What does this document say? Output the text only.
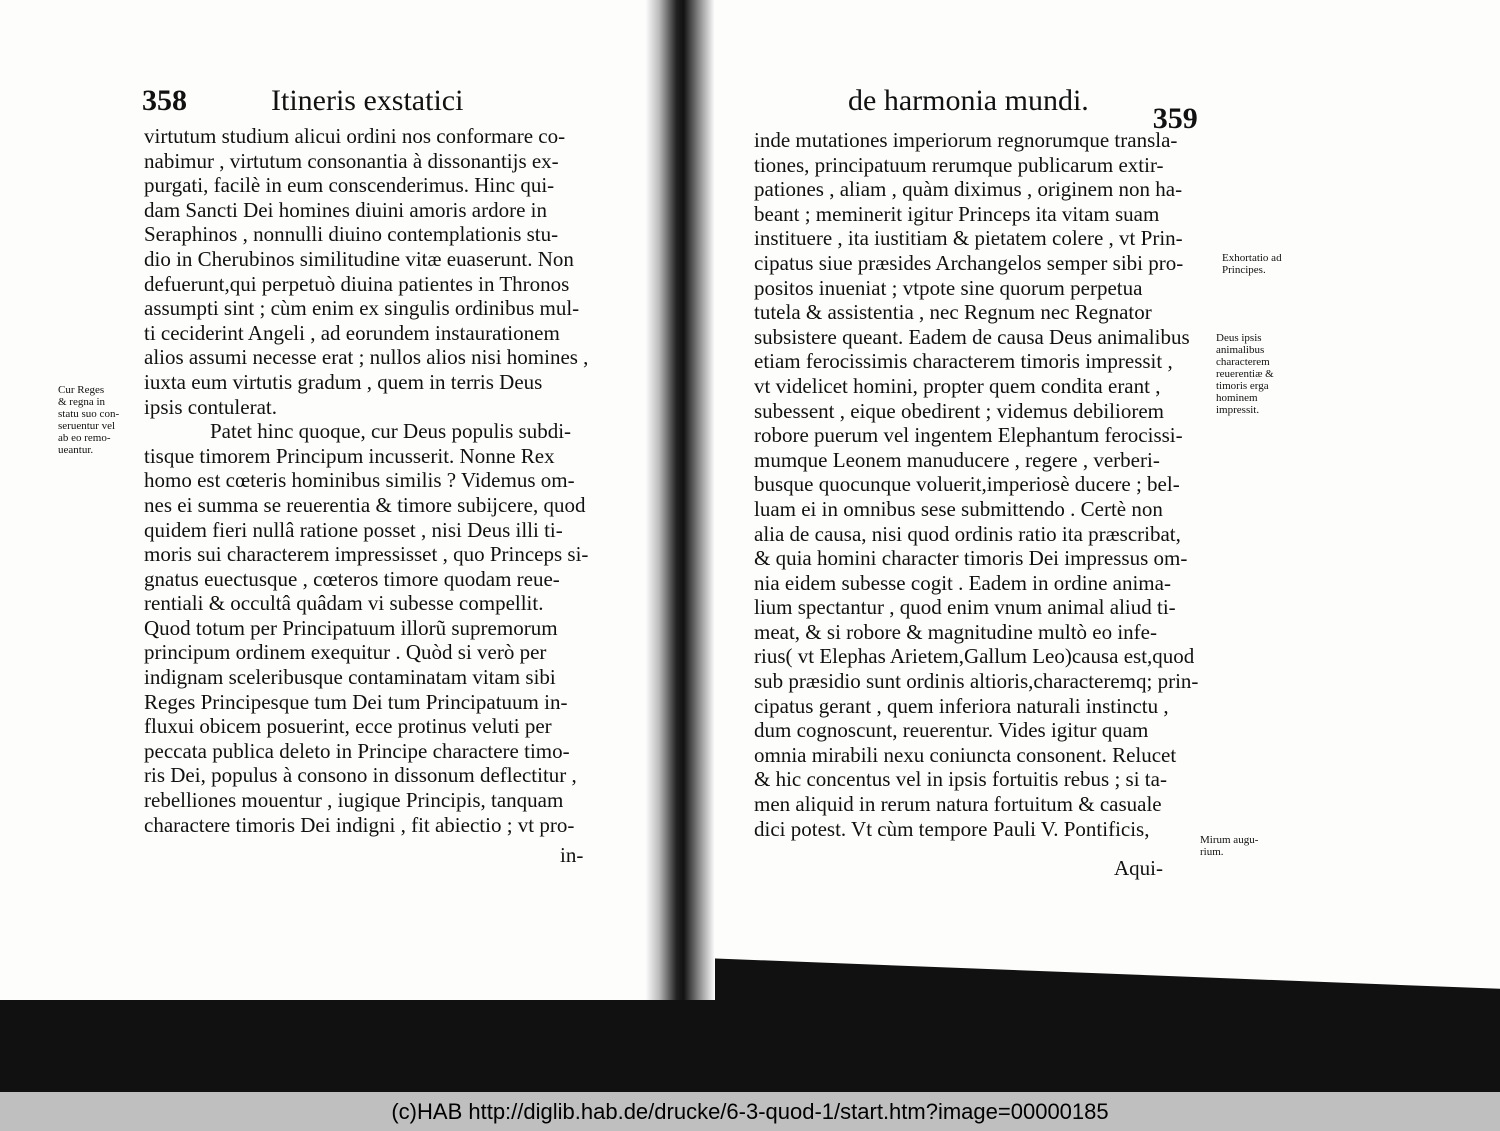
358	Itineris exstatici	de harmonia mundi. 359
virtutum studium alicui ordini nos conformare co-
nabimur , virtutum consonantia à dissonantijs ex-
purgati, facilè in eum conscenderimus. Hinc qui-
dam Sancti Dei homines diuini amoris ardore in
Seraphinos , nonnulli diuino contemplationis stu-
dio in Cherubinos similitudine vitæ euaserunt. Non
defuerunt,qui perpetuò diuina patientes in Thronos
assumpti sint ; cùm enim ex singulis ordinibus mul-
ti ceciderint Angeli , ad eorundem instaurationem
alios assumi necesse erat ; nullos alios nisi homines ,
iuxta eum virtutis gradum , quem in terris Deus
ipsis contulerat.
Patet hinc quoque, cur Deus populis subdi-
tisque timorem Principum incusserit. Nonne Rex
homo est cœteris hominibus similis ? Videmus om-
nes ei summa se reuerentia & timore subijcere, quod
quidem fieri nullâ ratione posset , nisi Deus illi ti-
moris sui characterem impressisset , quo Princeps si-
gnatus euectusque , cœteros timore quodam reue-
rentiali & occultâ quâdam vi subesse compellit.
Quod totum per Principatuum illorũ supremorum
principum ordinem exequitur . Quòd si verò per
indignam sceleribusque contaminatam vitam sibi
Reges Principesque tum Dei tum Principatuum in-
fluxui obicem posuerint, ecce protinus veluti per
peccata publica deleto in Principe charactere timo-
ris Dei, populus à consono in dissonum deflectitur ,
rebelliones mouentur , iugique Principis, tanquam
charactere timoris Dei indigni , fit abiectio ; vt pro-
in-
Cur Reges
& regna in
statu suo con-
seruentur vel
ab eo remo-
ueantur.
inde mutationes imperiorum regnorumque transla-
tiones, principatuum rerumque publicarum extir-
pationes , aliam , quàm diximus , originem non ha-
beant ; meminerit igitur Princeps ita vitam suam
instituere , ita iustitiam & pietatem colere , vt Prin-
cipatus siue præsides Archangelos semper sibi pro-
positos inueniat ; vtpote sine quorum perpetua
tutela & assistentia , nec Regnum nec Regnator
subsistere queant. Eadem de causa Deus animalibus
etiam ferocissimis characterem timoris impressit ,
vt videlicet homini, propter quem condita erant ,
subessent , eique obedirent ; videmus debiliorem
robore puerum vel ingentem Elephantum ferocissi-
mumque Leonem manuducere , regere , verberi-
busque quocunque voluerit,imperiosè ducere ; bel-
luam ei in omnibus sese submittendo . Certè non
alia de causa, nisi quod ordinis ratio ita præscribat,
& quia homini character timoris Dei impressus om-
nia eidem subesse cogit . Eadem in ordine anima-
lium spectantur , quod enim vnum animal aliud ti-
meat, & si robore & magnitudine multò eo infe-
rius( vt Elephas Arietem,Gallum Leo)causa est,quod
sub præsidio sunt ordinis altioris,characteremq; prin-
cipatus gerant , quem inferiora naturali instinctu ,
dum cognoscunt, reuerentur. Vides igitur quam
omnia mirabili nexu coniuncta consonent. Relucet
& hic concentus vel in ipsis fortuitis rebus ; si ta-
men aliquid in rerum natura fortuitum & casuale
dici potest. Vt cùm tempore Pauli V. Pontificis,
Aqui-
Exhortatio ad
Principes.
Deus ipsis
animalibus
characterem
reuerentiæ &
timoris erga
hominem
impressit.
Mirum augu-
rium.
(c)HAB http://diglib.hab.de/drucke/6-3-quod-1/start.htm?image=00000185
